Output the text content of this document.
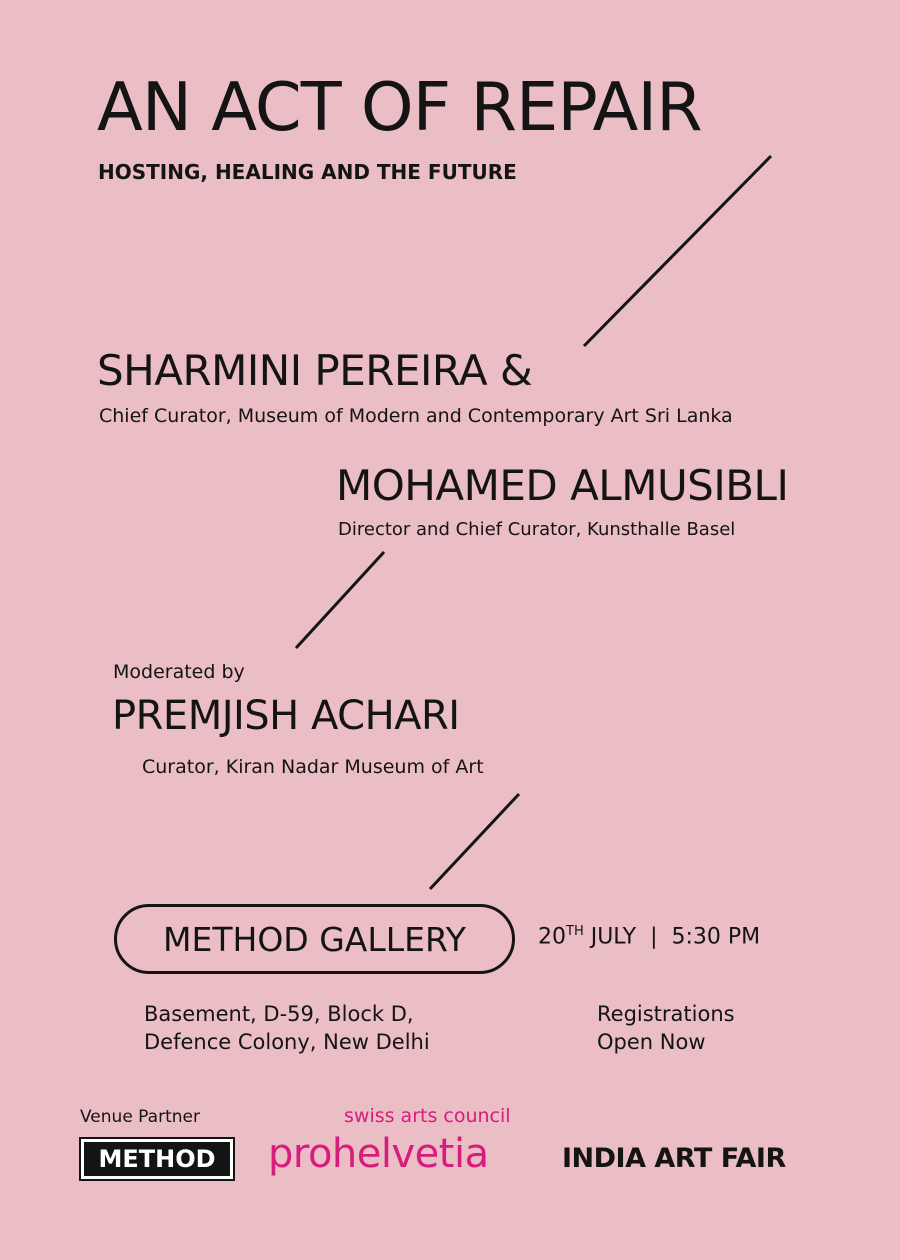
AN ACT OF REPAIR
HOSTING, HEALING AND THE FUTURE
SHARMINI PEREIRA &
Chief Curator, Museum of Modern and Contemporary Art Sri Lanka
MOHAMED ALMUSIBLI
Director and Chief Curator, Kunsthalle Basel
Moderated by
PREMJISH ACHARI
Curator, Kiran Nadar Museum of Art
METHOD GALLERY	20TH JULY  |  5:30 PM
Basement, D-59, Block D,
Defence Colony, New Delhi
Registrations
Open Now
Venue Partner
METHOD
swiss arts council
prohelvetia	INDIA ART FAIR
